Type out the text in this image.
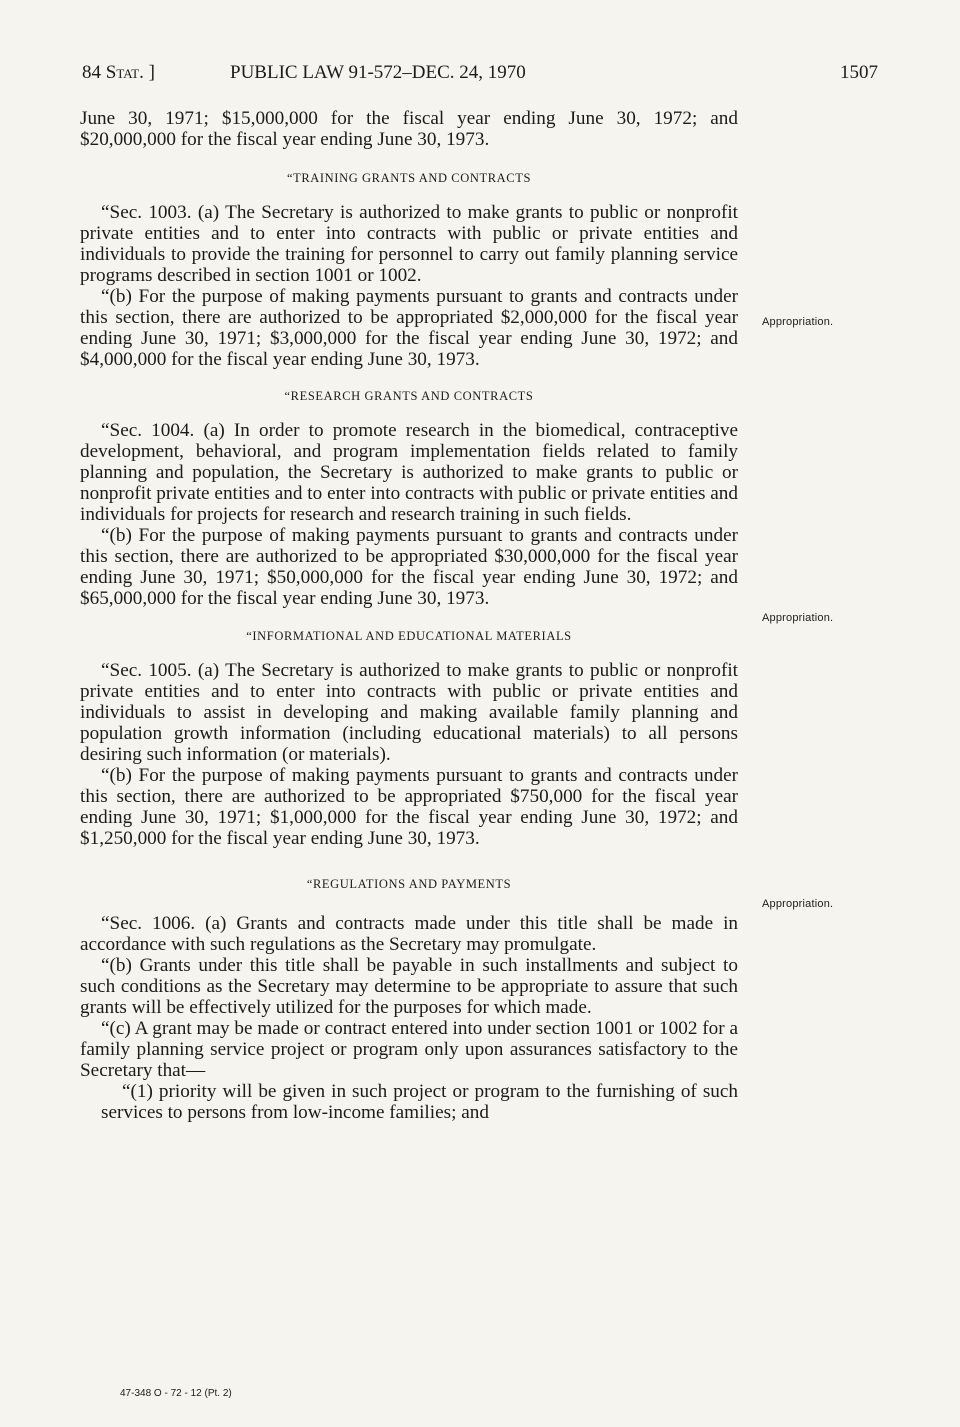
84 Stat. ]	PUBLIC LAW 91-572–DEC. 24, 1970	1507

June 30, 1971; $15,000,000 for the fiscal year ending June 30, 1972; and $20,000,000 for the fiscal year ending June 30, 1973.

“TRAINING GRANTS AND CONTRACTS

“Sec. 1003. (a) The Secretary is authorized to make grants to public or nonprofit private entities and to enter into contracts with public or private entities and individuals to provide the training for personnel to carry out family planning service programs described in section 1001 or 1002.

“(b) For the purpose of making payments pursuant to grants and contracts under this section, there are authorized to be appropriated $2,000,000 for the fiscal year ending June 30, 1971; $3,000,000 for the fiscal year ending June 30, 1972; and $4,000,000 for the fiscal year ending June 30, 1973.

“RESEARCH GRANTS AND CONTRACTS

“Sec. 1004. (a) In order to promote research in the biomedical, contraceptive development, behavioral, and program implementation fields related to family planning and population, the Secretary is authorized to make grants to public or nonprofit private entities and to enter into contracts with public or private entities and individuals for projects for research and research training in such fields.

“(b) For the purpose of making payments pursuant to grants and contracts under this section, there are authorized to be appropriated $30,000,000 for the fiscal year ending June 30, 1971; $50,000,000 for the fiscal year ending June 30, 1972; and $65,000,000 for the fiscal year ending June 30, 1973.

“INFORMATIONAL AND EDUCATIONAL MATERIALS

“Sec. 1005. (a) The Secretary is authorized to make grants to public or nonprofit private entities and to enter into contracts with public or private entities and individuals to assist in developing and making available family planning and population growth information (including educational materials) to all persons desiring such information (or materials).

“(b) For the purpose of making payments pursuant to grants and contracts under this section, there are authorized to be appropriated $750,000 for the fiscal year ending June 30, 1971; $1,000,000 for the fiscal year ending June 30, 1972; and $1,250,000 for the fiscal year ending June 30, 1973.

“REGULATIONS AND PAYMENTS

“Sec. 1006. (a) Grants and contracts made under this title shall be made in accordance with such regulations as the Secretary may promulgate.

“(b) Grants under this title shall be payable in such installments and subject to such conditions as the Secretary may determine to be appropriate to assure that such grants will be effectively utilized for the purposes for which made.

“(c) A grant may be made or contract entered into under section 1001 or 1002 for a family planning service project or program only upon assurances satisfactory to the Secretary that—

“(1) priority will be given in such project or program to the furnishing of such services to persons from low-income families; and

Appropriation.
Appropriation.
Appropriation.
47-348 O - 72 - 12 (Pt. 2)
